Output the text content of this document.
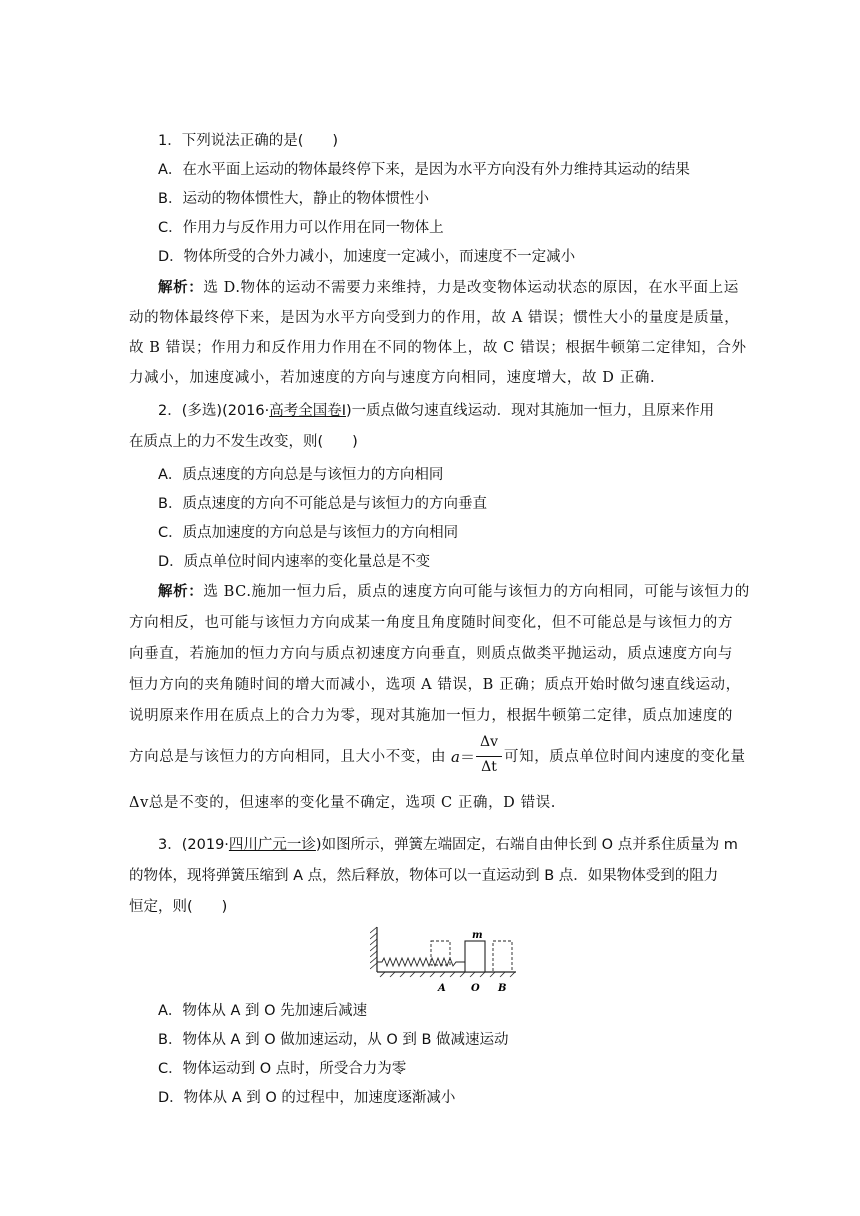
1．下列说法正确的是(　　)
A．在水平面上运动的物体最终停下来，是因为水平方向没有外力维持其运动的结果
B．运动的物体惯性大，静止的物体惯性小
C．作用力与反作用力可以作用在同一物体上
D．物体所受的合外力减小，加速度一定减小，而速度不一定减小
解析：选 D.物体的运动不需要力来维持，力是改变物体运动状态的原因，在水平面上运
动的物体最终停下来，是因为水平方向受到力的作用，故 A 错误；惯性大小的量度是质量，
故 B 错误；作用力和反作用力作用在不同的物体上，故 C 错误；根据牛顿第二定律知，合外
力减小，加速度减小，若加速度的方向与速度方向相同，速度增大，故 D 正确.
2．(多选)(2016·高考全国卷Ⅰ)一质点做匀速直线运动．现对其施加一恒力，且原来作用
在质点上的力不发生改变，则(　　)
A．质点速度的方向总是与该恒力的方向相同
B．质点速度的方向不可能总是与该恒力的方向垂直
C．质点加速度的方向总是与该恒力的方向相同
D．质点单位时间内速率的变化量总是不变
解析：选 BC.施加一恒力后，质点的速度方向可能与该恒力的方向相同，可能与该恒力的
方向相反，也可能与该恒力方向成某一角度且角度随时间变化，但不可能总是与该恒力的方
向垂直，若施加的恒力方向与质点初速度方向垂直，则质点做类平抛运动，质点速度方向与
恒力方向的夹角随时间的增大而减小，选项 A 错误，B 正确；质点开始时做匀速直线运动，
说明原来作用在质点上的合力为零，现对其施加一恒力，根据牛顿第二定律，质点加速度的
方向总是与该恒力的方向相同，且大小不变，由 a＝
Δv
Δt
可知，质点单位时间内速度的变化量
Δv总是不变的，但速率的变化量不确定，选项 C 正确，D 错误.
3．(2019·四川广元一诊)如图所示，弹簧左端固定，右端自由伸长到 O 点并系住质量为 m
的物体，现将弹簧压缩到 A 点，然后释放，物体可以一直运动到 B 点．如果物体受到的阻力
恒定，则(　　)
m
A	O B
A．物体从 A 到 O 先加速后减速
B．物体从 A 到 O 做加速运动，从 O 到 B 做减速运动
C．物体运动到 O 点时，所受合力为零
D．物体从 A 到 O 的过程中，加速度逐渐减小
